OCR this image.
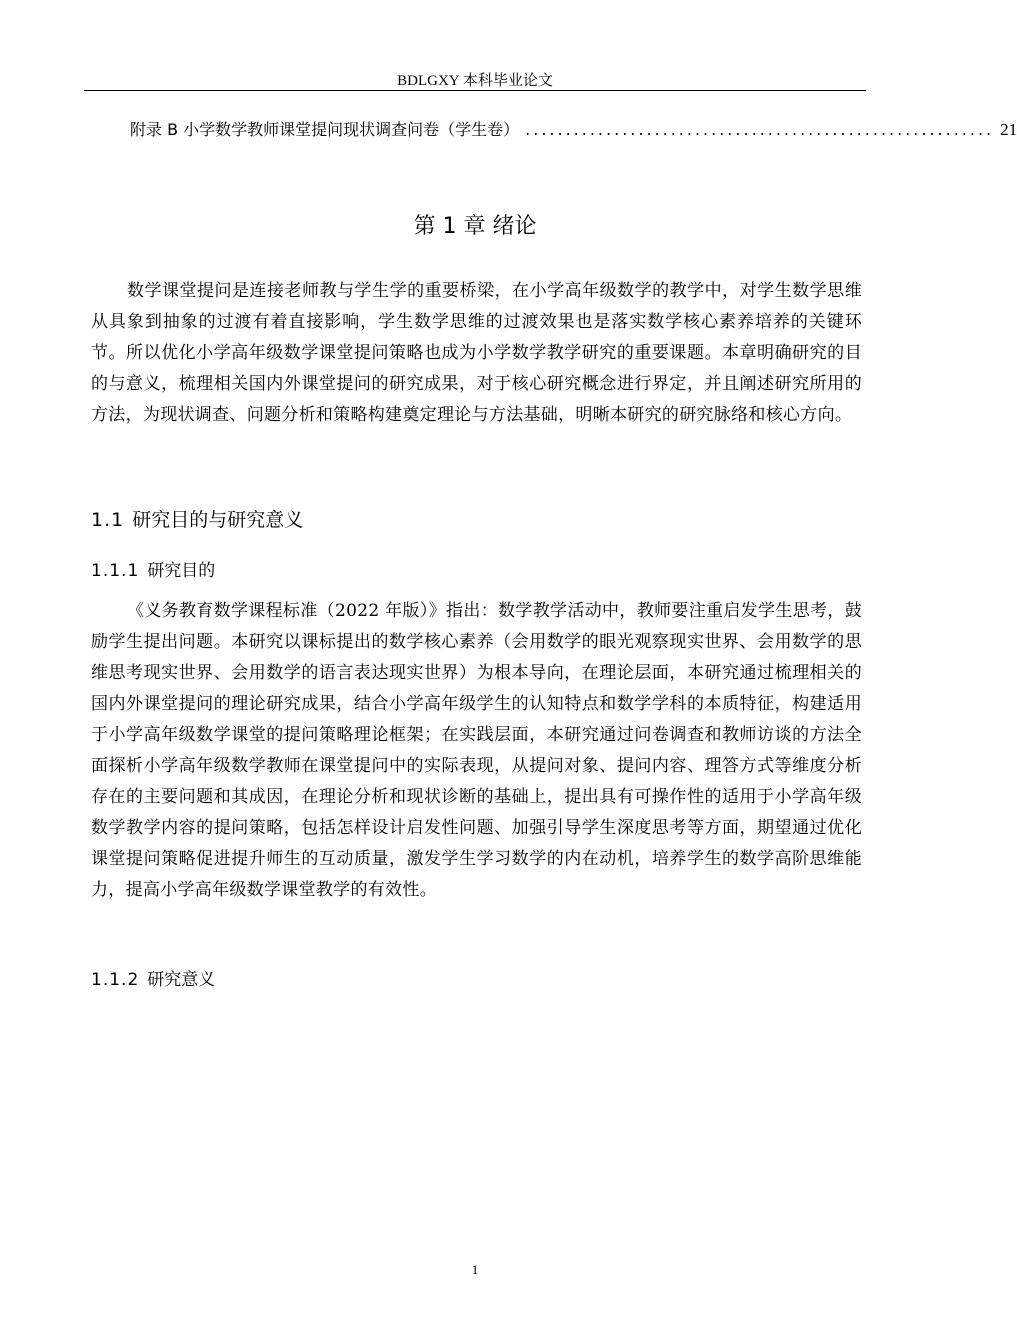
BDLGXY 本科毕业论文
附录 B 小学数学教师课堂提问现状调查问卷（学生卷） .......................................................... 21
第 1 章 绪论

数学课堂提问是连接老师教与学生学的重要桥梁，在小学高年级数学的教学中，对学生数学思维从具象到抽象的过渡有着直接影响，学生数学思维的过渡效果也是落实数学核心素养培养的关键环节。所以优化小学高年级数学课堂提问策略也成为小学数学教学研究的重要课题。本章明确研究的目的与意义，梳理相关国内外课堂提问的研究成果，对于核心研究概念进行界定，并且阐述研究所用的方法，为现状调查、问题分析和策略构建奠定理论与方法基础，明晰本研究的研究脉络和核心方向。

1.1 研究目的与研究意义
1.1.1 研究目的

《义务教育数学课程标准（2022 年版）》指出：数学教学活动中，教师要注重启发学生思考，鼓励学生提出问题。本研究以课标提出的数学核心素养（会用数学的眼光观察现实世界、会用数学的思维思考现实世界、会用数学的语言表达现实世界）为根本导向，在理论层面，本研究通过梳理相关的国内外课堂提问的理论研究成果，结合小学高年级学生的认知特点和数学学科的本质特征，构建适用于小学高年级数学课堂的提问策略理论框架；在实践层面，本研究通过问卷调查和教师访谈的方法全面探析小学高年级数学教师在课堂提问中的实际表现，从提问对象、提问内容、理答方式等维度分析存在的主要问题和其成因，在理论分析和现状诊断的基础上，提出具有可操作性的适用于小学高年级数学教学内容的提问策略，包括怎样设计启发性问题、加强引导学生深度思考等方面，期望通过优化课堂提问策略促进提升师生的互动质量，激发学生学习数学的内在动机，培养学生的数学高阶思维能力，提高小学高年级数学课堂教学的有效性。

1.1.2 研究意义
1
